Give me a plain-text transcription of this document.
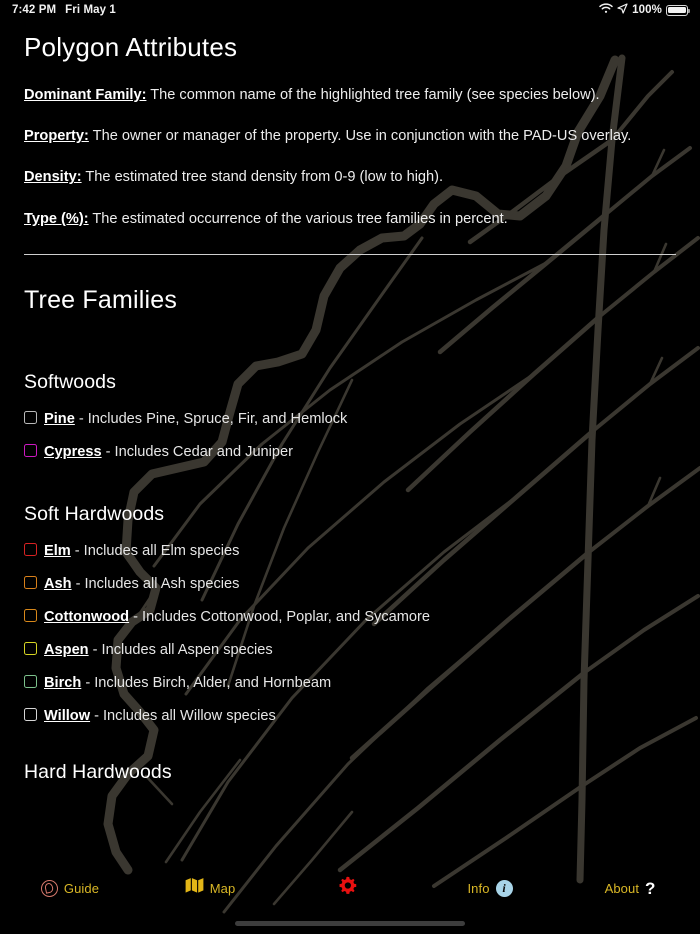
7:42 PM Fri May 1	100%
Polygon Attributes
Dominant Family: The common name of the highlighted tree family (see species below).
Property: The owner or manager of the property. Use in conjunction with the PAD-US overlay.
Density: The estimated tree stand density from 0-9 (low to high).
Type (%): The estimated occurrence of the various tree families in percent.
Tree Families
Softwoods
Pine - Includes Pine, Spruce, Fir, and Hemlock
Cypress - Includes Cedar and Juniper
Soft Hardwoods
Elm - Includes all Elm species
Ash - Includes all Ash species
Cottonwood - Includes Cottonwood, Poplar, and Sycamore
Aspen - Includes all Aspen species
Birch - Includes Birch, Alder, and Hornbeam
Willow - Includes all Willow species
Hard Hardwoods
Guide	Map	Info	i	About ?
